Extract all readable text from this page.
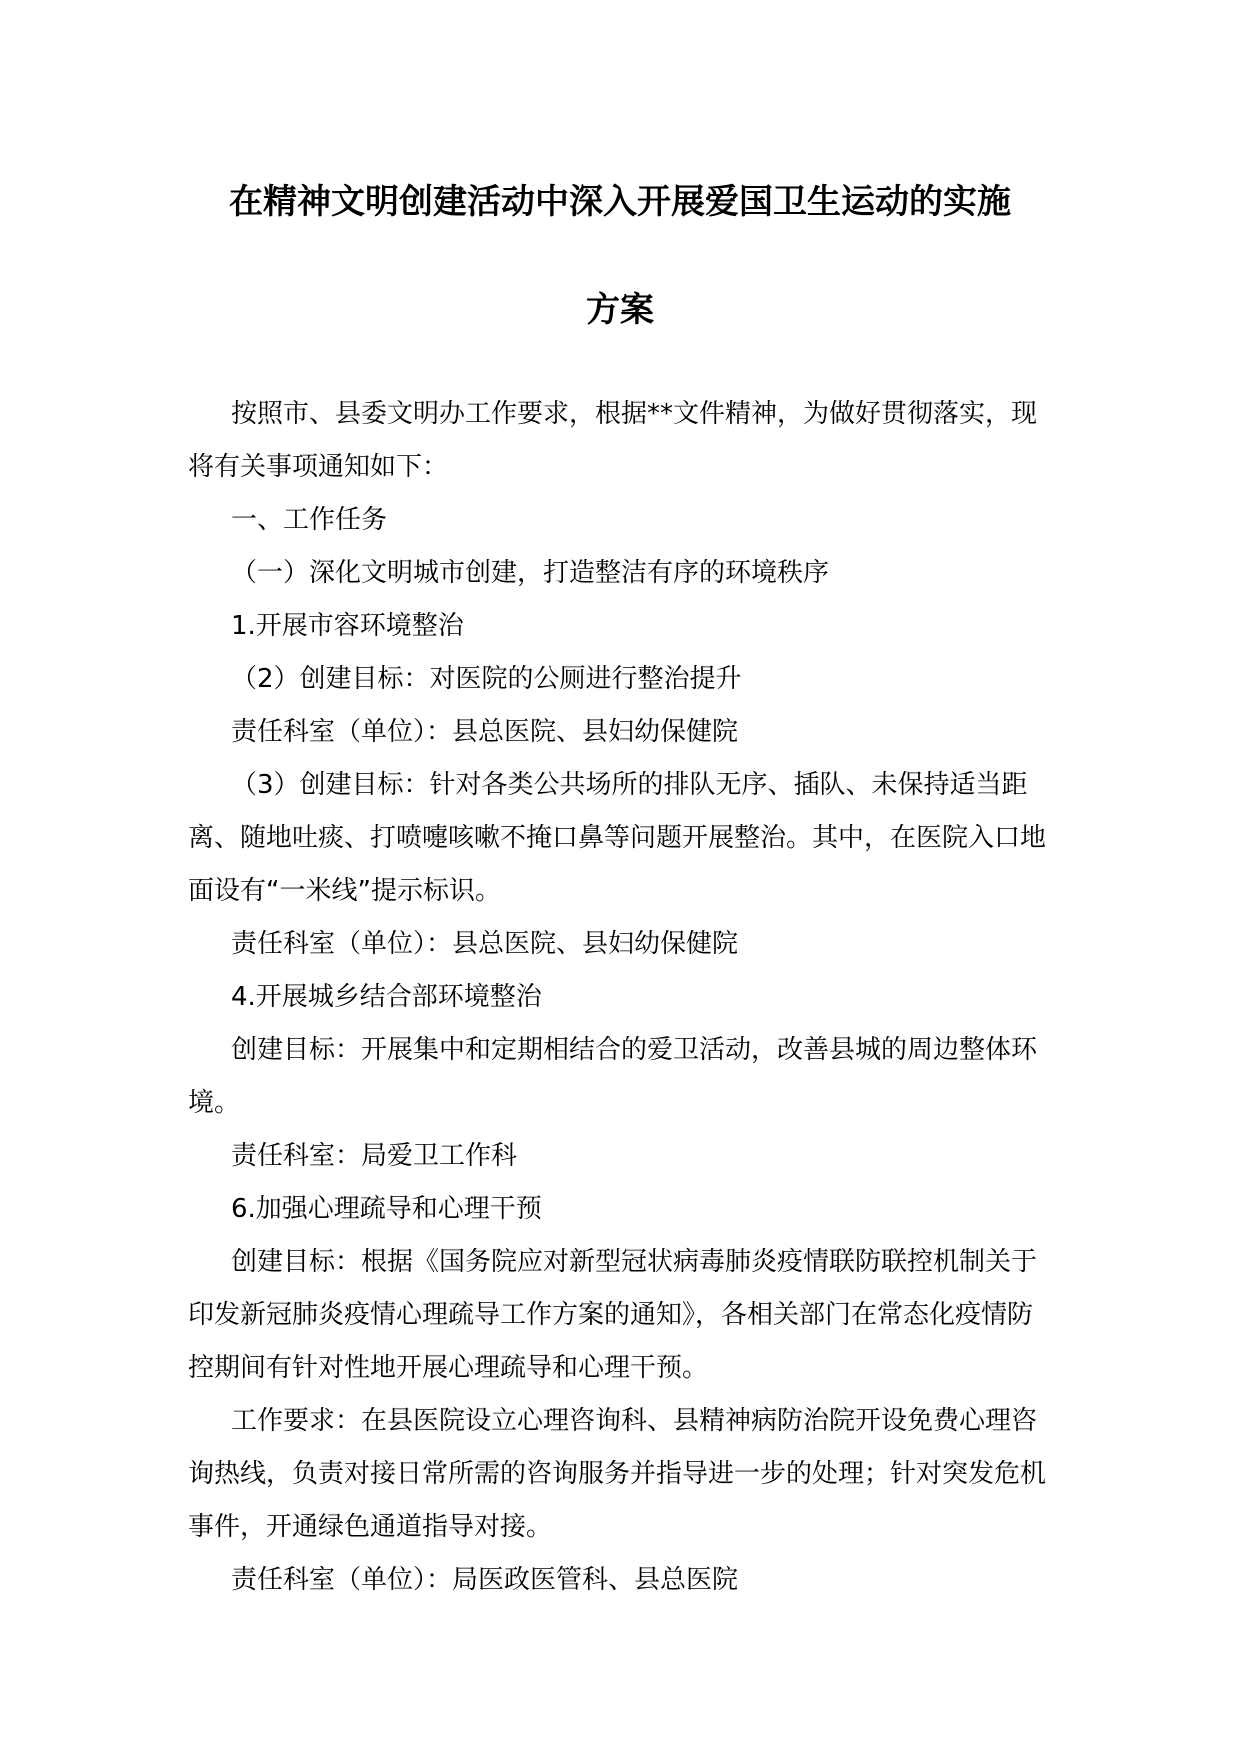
在精神文明创建活动中深入开展爱国卫生运动的实施
方案

按照市、县委文明办工作要求，根据**文件精神，为做好贯彻落实，现将有关事项通知如下：

一、工作任务

（一）深化文明城市创建，打造整洁有序的环境秩序

1.开展市容环境整治

（2）创建目标：对医院的公厕进行整治提升

责任科室（单位）：县总医院、县妇幼保健院

（3）创建目标：针对各类公共场所的排队无序、插队、未保持适当距离、随地吐痰、打喷嚏咳嗽不掩口鼻等问题开展整治。其中，在医院入口地面设有“一米线”提示标识。

责任科室（单位）：县总医院、县妇幼保健院

4.开展城乡结合部环境整治

创建目标：开展集中和定期相结合的爱卫活动，改善县城的周边整体环境。

责任科室：局爱卫工作科

6.加强心理疏导和心理干预

创建目标：根据《国务院应对新型冠状病毒肺炎疫情联防联控机制关于印发新冠肺炎疫情心理疏导工作方案的通知》，各相关部门在常态化疫情防控期间有针对性地开展心理疏导和心理干预。

工作要求：在县医院设立心理咨询科、县精神病防治院开设免费心理咨询热线，负责对接日常所需的咨询服务并指导进一步的处理；针对突发危机事件，开通绿色通道指导对接。

责任科室（单位）：局医政医管科、县总医院
